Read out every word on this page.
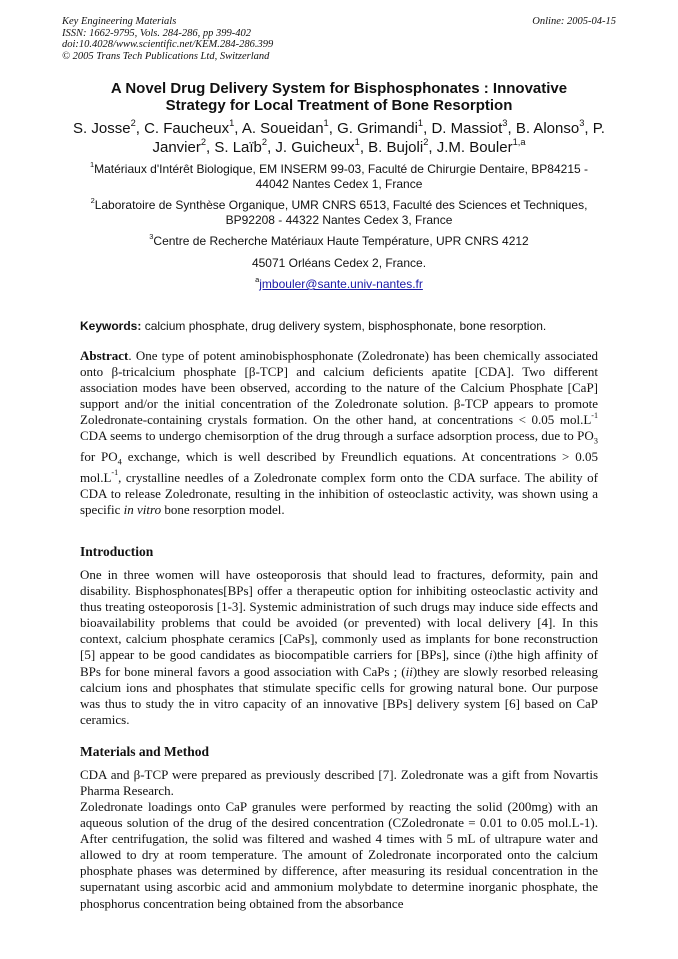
Key Engineering Materials
ISSN: 1662-9795, Vols. 284-286, pp 399-402
doi:10.4028/www.scientific.net/KEM.284-286.399
© 2005 Trans Tech Publications Ltd, Switzerland
Online: 2005-04-15
A Novel Drug Delivery System for Bisphosphonates : Innovative
Strategy for Local Treatment of Bone Resorption
S. Josse$^2$, C. Faucheux$^1$, A. Soueidan$^1$, G. Grimandi$^1$, D. Massiot$^3$, B. Alonso$^3$, P. Janvier$^2$, S. Laïb$^2$, J. Guicheux$^1$, B. Bujoli$^2$, J.M. Bouler$^{1,a}$
$^1$Matériaux d'Intérêt Biologique, EM INSERM 99-03, Faculté de Chirurgie Dentaire, BP84215 -
44042 Nantes Cedex 1, France
$^2$Laboratoire de Synthèse Organique, UMR CNRS 6513, Faculté des Sciences et Techniques,
BP92208 - 44322 Nantes Cedex 3, France
$^3$Centre de Recherche Matériaux Haute Température, UPR CNRS 4212
45071 Orléans Cedex 2, France.
$^a$jmbouler@sante.univ-nantes.fr
Keywords: calcium phosphate, drug delivery system, bisphosphonate, bone resorption.
Abstract. One type of potent aminobisphosphonate (Zoledronate) has been chemically associated onto β-tricalcium phosphate [β-TCP] and calcium deficients apatite [CDA]. Two different association modes have been observed, according to the nature of the Calcium Phosphate [CaP] support and/or the initial concentration of the Zoledronate solution. β-TCP appears to promote Zoledronate-containing crystals formation. On the other hand, at concentrations < 0.05 $mol.L^{-1}$ CDA seems to undergo chemisorption of the drug through a surface adsorption process, due to $PO_3$ for $PO_4$ exchange, which is well described by Freundlich equations. At concentrations > 0.05 $mol.L^{-1}$, crystalline needles of a Zoledronate complex form onto the CDA surface. The ability of CDA to release Zoledronate, resulting in the inhibition of osteoclastic activity, was shown using a specific in vitro bone resorption model.
Introduction
One in three women will have osteoporosis that should lead to fractures, deformity, pain and disability. Bisphosphonates[BPs] offer a therapeutic option for inhibiting osteoclastic activity and thus treating osteoporosis [1-3]. Systemic administration of such drugs may induce side effects and bioavailability problems that could be avoided (or prevented) with local delivery [4]. In this context, calcium phosphate ceramics [CaPs], commonly used as implants for bone reconstruction [5] appear to be good candidates as biocompatible carriers for [BPs], since (i)the high affinity of BPs for bone mineral favors a good association with CaPs ; (ii)they are slowly resorbed releasing calcium ions and phosphates that stimulate specific cells for growing natural bone. Our purpose was thus to study the in vitro capacity of an innovative [BPs] delivery system [6] based on CaP ceramics.
Materials and Method
CDA and β-TCP were prepared as previously described [7]. Zoledronate was a gift from Novartis Pharma Research.
Zoledronate loadings onto CaP granules were performed by reacting the solid (200mg) with an aqueous solution of the drug of the desired concentration (CZoledronate = 0.01 to 0.05 mol.L-1). After centrifugation, the solid was filtered and washed 4 times with 5 mL of ultrapure water and allowed to dry at room temperature. The amount of Zoledronate incorporated onto the calcium phosphate phases was determined by difference, after measuring its residual concentration in the supernatant using ascorbic acid and ammonium molybdate to determine inorganic phosphate, the phosphorus concentration being obtained from the absorbance
